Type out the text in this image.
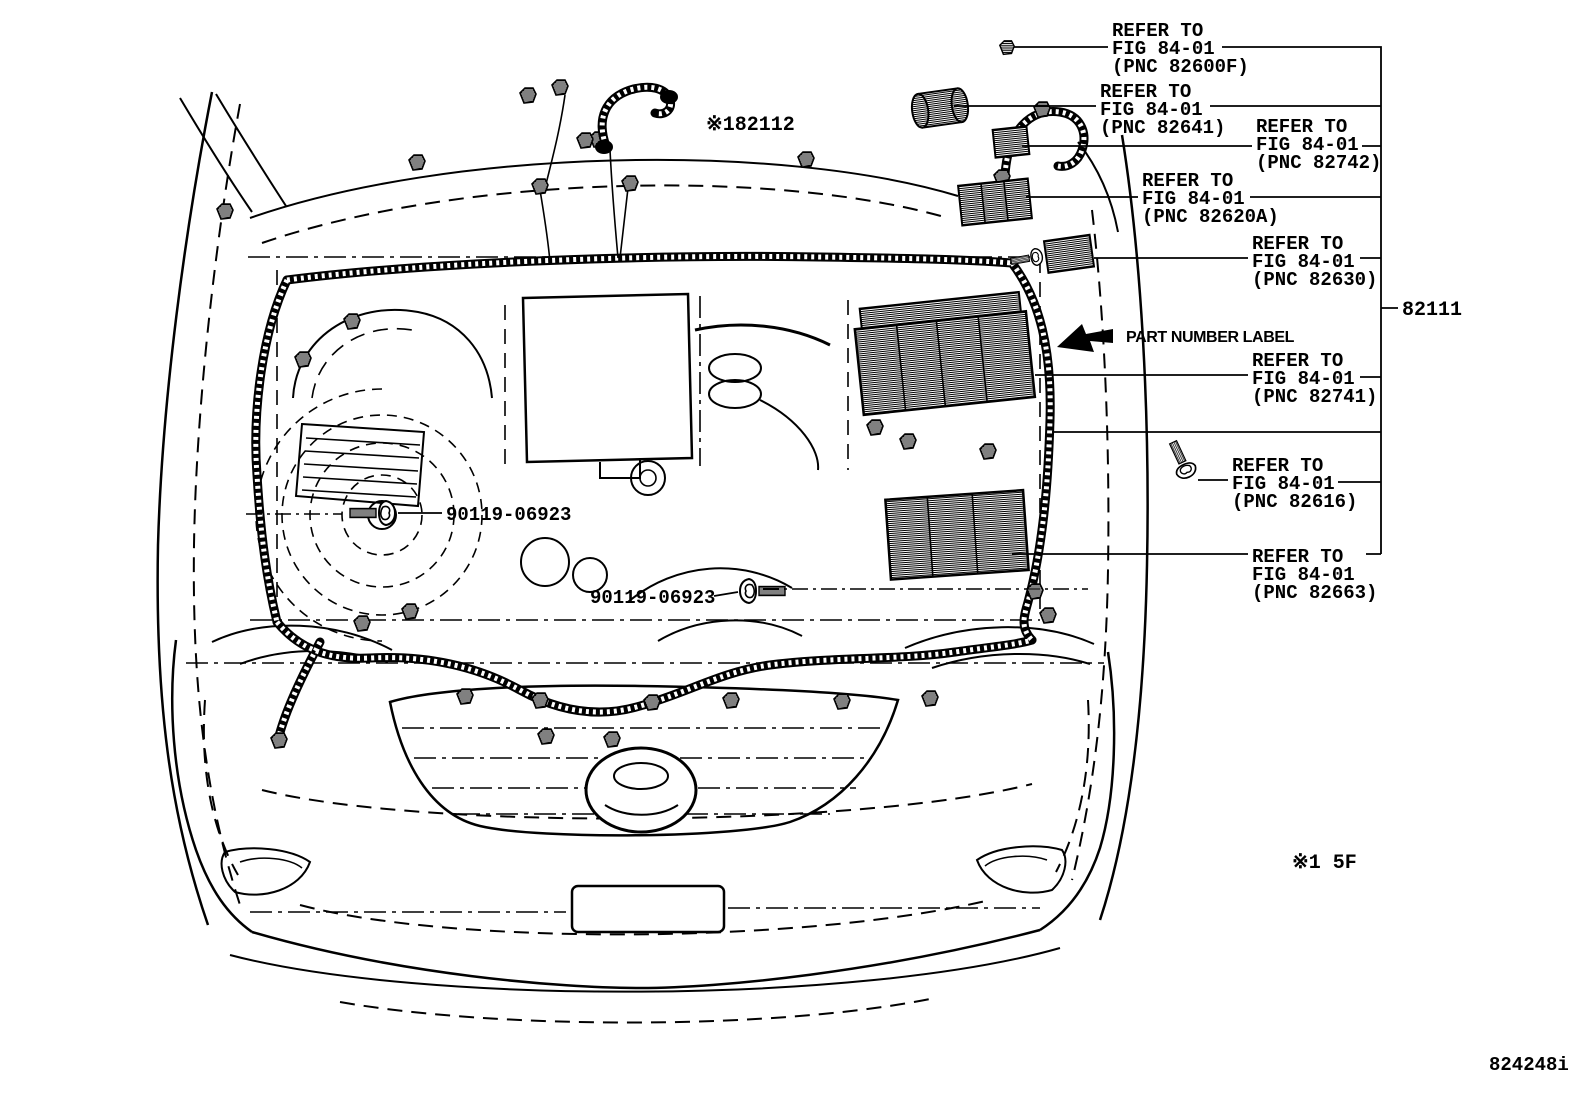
※182112
82111
PART NUMBER LABEL
90119-06923
90119-06923
※1 5F
824248i
REFER TO
FIG 84-01
(PNC 82600F)
REFER TO
FIG 84-01
(PNC 82641) REFER TO
FIG 84-01
(PNC 82742)
REFER TO
FIG 84-01
(PNC 82620A)
REFER TO
FIG 84-01
(PNC 82630)
REFER TO
FIG 84-01
(PNC 82741)
REFER TO
FIG 84-01
(PNC 82616)
REFER TO
FIG 84-01
(PNC 82663)
